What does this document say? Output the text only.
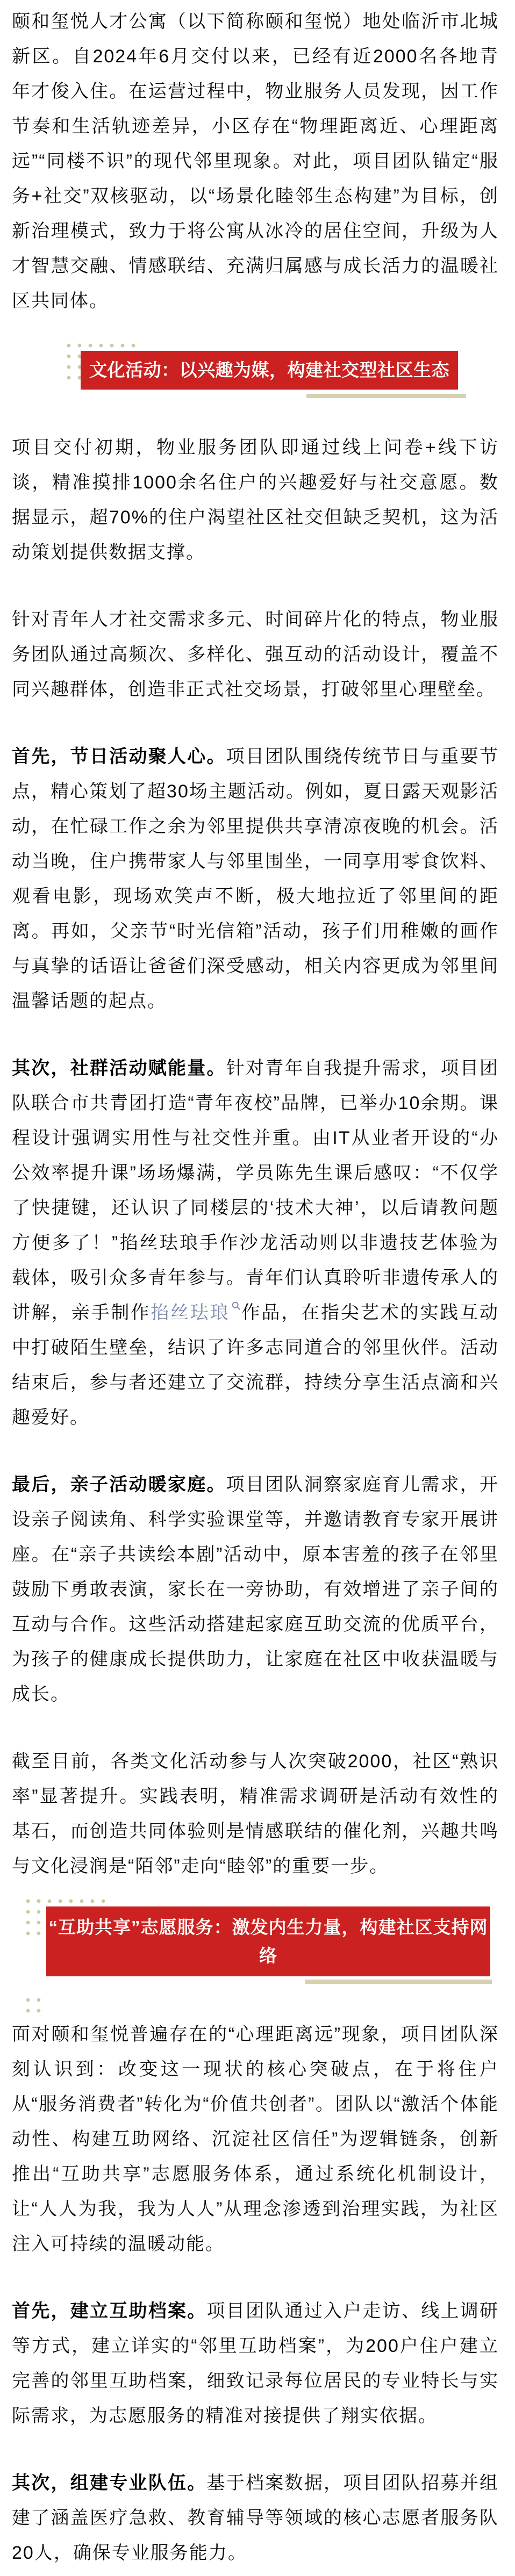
颐和玺悦人才公寓（以下简称颐和玺悦）地处临沂市北城新区。自2024年6月交付以来，已经有近2000名各地青年才俊入住。在运营过程中，物业服务人员发现，因工作节奏和生活轨迹差异，小区存在“物理距离近、心理距离远”“同楼不识”的现代邻里现象。对此，项目团队锚定“服务+社交”双核驱动，以“场景化睦邻生态构建”为目标，创新治理模式，致力于将公寓从冰冷的居住空间，升级为人才智慧交融、情感联结、充满归属感与成长活力的温暖社区共同体。

文化活动：以兴趣为媒，构建社交型社区生态

项目交付初期，物业服务团队即通过线上问卷+线下访谈，精准摸排1000余名住户的兴趣爱好与社交意愿。数据显示，超70%的住户渴望社区社交但缺乏契机，这为活动策划提供数据支撑。

针对青年人才社交需求多元、时间碎片化的特点，物业服务团队通过高频次、多样化、强互动的活动设计，覆盖不同兴趣群体，创造非正式社交场景，打破邻里心理壁垒。

首先，节日活动聚人心。项目团队围绕传统节日与重要节点，精心策划了超30场主题活动。例如，夏日露天观影活动，在忙碌工作之余为邻里提供共享清凉夜晚的机会。活动当晚，住户携带家人与邻里围坐，一同享用零食饮料、观看电影，现场欢笑声不断，极大地拉近了邻里间的距离。再如，父亲节“时光信箱”活动，孩子们用稚嫩的画作与真挚的话语让爸爸们深受感动，相关内容更成为邻里间温馨话题的起点。

其次，社群活动赋能量。针对青年自我提升需求，项目团队联合市共青团打造“青年夜校”品牌，已举办10余期。课程设计强调实用性与社交性并重。由IT从业者开设的“办公效率提升课”场场爆满，学员陈先生课后感叹：“不仅学了快捷键，还认识了同楼层的‘技术大神’，以后请教问题方便多了！”掐丝珐琅手作沙龙活动则以非遗技艺体验为载体，吸引众多青年参与。青年们认真聆听非遗传承人的讲解，亲手制作掐丝珐琅 作品，在指尖艺术的实践互动中打破陌生壁垒，结识了许多志同道合的邻里伙伴。活动结束后，参与者还建立了交流群，持续分享生活点滴和兴趣爱好。

最后，亲子活动暖家庭。项目团队洞察家庭育儿需求，开设亲子阅读角、科学实验课堂等，并邀请教育专家开展讲座。在“亲子共读绘本剧”活动中，原本害羞的孩子在邻里鼓励下勇敢表演，家长在一旁协助，有效增进了亲子间的互动与合作。这些活动搭建起家庭互助交流的优质平台，为孩子的健康成长提供助力，让家庭在社区中收获温暖与成长。

截至目前，各类文化活动参与人次突破2000，社区“熟识率”显著提升。实践表明，精准需求调研是活动有效性的基石，而创造共同体验则是情感联结的催化剂，兴趣共鸣与文化浸润是“陌邻”走向“睦邻”的重要一步。

“互助共享”志愿服务：激发内生力量，构建社区支持网络

面对颐和玺悦普遍存在的“心理距离远”现象，项目团队深刻认识到：改变这一现状的核心突破点，在于将住户从“服务消费者”转化为“价值共创者”。团队以“激活个体能动性、构建互助网络、沉淀社区信任”为逻辑链条，创新推出“互助共享”志愿服务体系，通过系统化机制设计，让“人人为我，我为人人”从理念渗透到治理实践，为社区注入可持续的温暖动能。

首先，建立互助档案。项目团队通过入户走访、线上调研等方式，建立详实的“邻里互助档案”，为200户住户建立完善的邻里互助档案，细致记录每位居民的专业特长与实际需求，为志愿服务的精准对接提供了翔实依据。

其次，组建专业队伍。基于档案数据，项目团队招募并组建了涵盖医疗急救、教育辅导等领域的核心志愿者服务队20人，确保专业服务能力。
